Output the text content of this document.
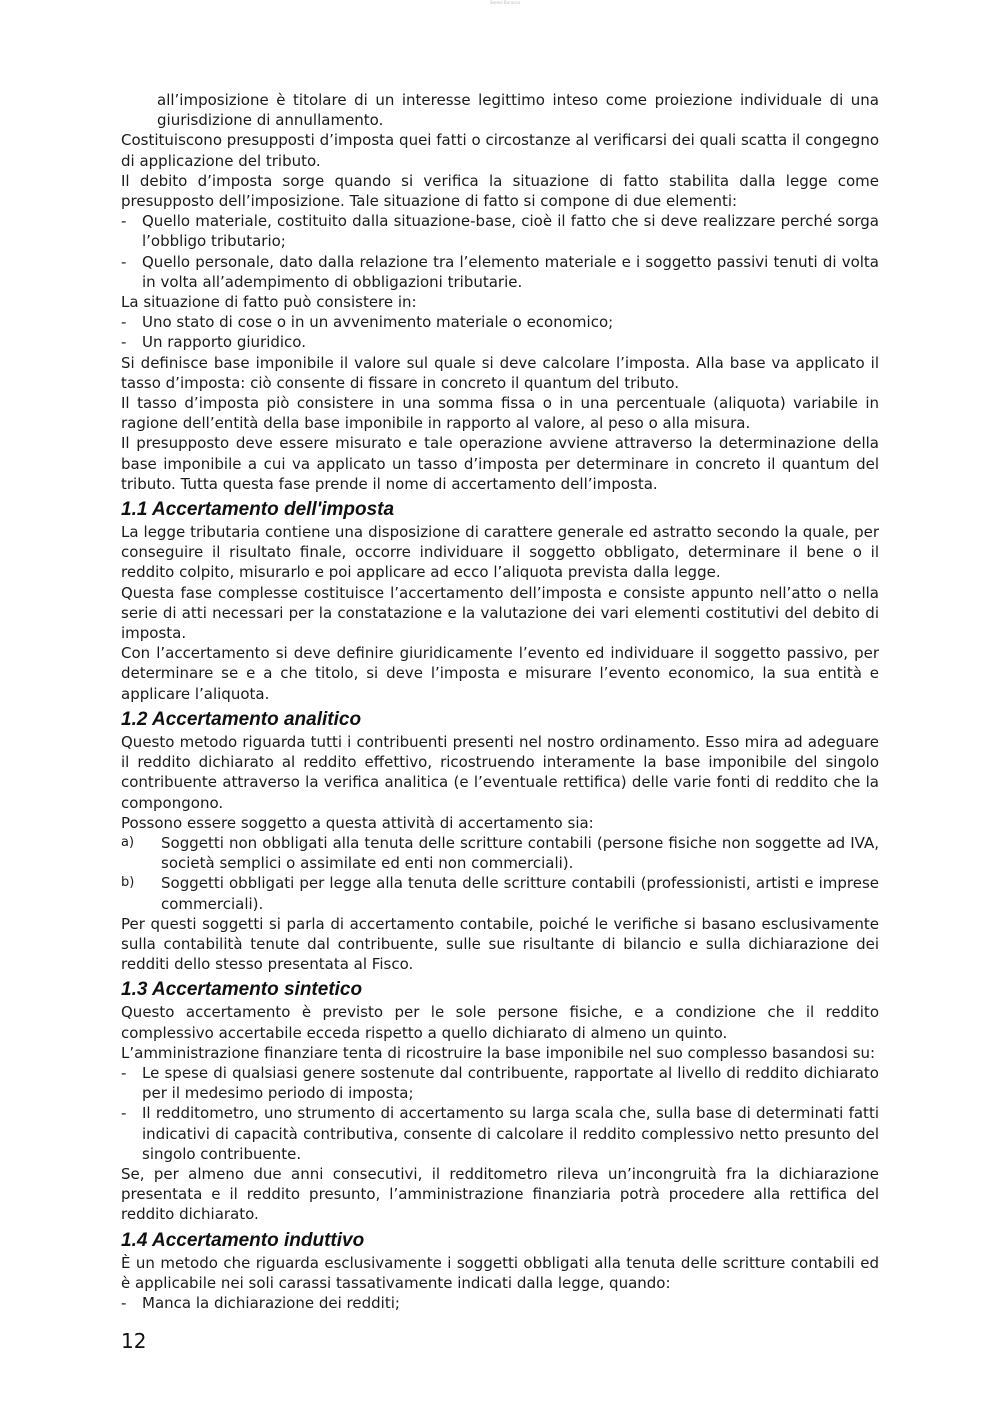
Sereni Baracco

all’imposizione è titolare di un interesse legittimo inteso come proiezione individuale di una giurisdizione di annullamento.

Costituiscono presupposti d’imposta quei fatti o circostanze al verificarsi dei quali scatta il congegno di applicazione del tributo.

Il debito d’imposta sorge quando si verifica la situazione di fatto stabilita dalla legge come presupposto dell’imposizione. Tale situazione di fatto si compone di due elementi:

- Quello materiale, costituito dalla situazione-base, cioè il fatto che si deve realizzare perché sorga l’obbligo tributario;
- Quello personale, dato dalla relazione tra l’elemento materiale e i soggetto passivi tenuti di volta in volta all’adempimento di obbligazioni tributarie.

La situazione di fatto può consistere in:

- Uno stato di cose o in un avvenimento materiale o economico;
- Un rapporto giuridico.

Si definisce base imponibile il valore sul quale si deve calcolare l’imposta. Alla base va applicato il tasso d’imposta: ciò consente di fissare in concreto il quantum del tributo.

Il tasso d’imposta piò consistere in una somma fissa o in una percentuale (aliquota) variabile in ragione dell’entità della base imponibile in rapporto al valore, al peso o alla misura.

Il presupposto deve essere misurato e tale operazione avviene attraverso la determinazione della base imponibile a cui va applicato un tasso d’imposta per determinare in concreto il quantum del tributo. Tutta questa fase prende il nome di accertamento dell’imposta.

1.1 Accertamento dell'imposta

La legge tributaria contiene una disposizione di carattere generale ed astratto secondo la quale, per conseguire il risultato finale, occorre individuare il soggetto obbligato, determinare il bene o il reddito colpito, misurarlo e poi applicare ad ecco l’aliquota prevista dalla legge.

Questa fase complesse costituisce l’accertamento dell’imposta e consiste appunto nell’atto o nella serie di atti necessari per la constatazione e la valutazione dei vari elementi costitutivi del debito di imposta.

Con l’accertamento si deve definire giuridicamente l’evento ed individuare il soggetto passivo, per determinare se e a che titolo, si deve l’imposta e misurare l’evento economico, la sua entità e applicare l’aliquota.

1.2 Accertamento analitico

Questo metodo riguarda tutti i contribuenti presenti nel nostro ordinamento. Esso mira ad adeguare il reddito dichiarato al reddito effettivo, ricostruendo interamente la base imponibile del singolo contribuente attraverso la verifica analitica (e l’eventuale rettifica) delle varie fonti di reddito che la compongono.

Possono essere soggetto a questa attività di accertamento sia:

a) Soggetti non obbligati alla tenuta delle scritture contabili (persone fisiche non soggette ad IVA, società semplici o assimilate ed enti non commerciali).
b) Soggetti obbligati per legge alla tenuta delle scritture contabili (professionisti, artisti e imprese commerciali).

Per questi soggetti si parla di accertamento contabile, poiché le verifiche si basano esclusivamente sulla contabilità tenute dal contribuente, sulle sue risultante di bilancio e sulla dichiarazione dei redditi dello stesso presentata al Fisco.

1.3 Accertamento sintetico

Questo accertamento è previsto per le sole persone fisiche, e a condizione che il reddito complessivo accertabile ecceda rispetto a quello dichiarato di almeno un quinto.

L’amministrazione finanziare tenta di ricostruire la base imponibile nel suo complesso basandosi su:

- Le spese di qualsiasi genere sostenute dal contribuente, rapportate al livello di reddito dichiarato per il medesimo periodo di imposta;
- Il redditometro, uno strumento di accertamento su larga scala che, sulla base di determinati fatti indicativi di capacità contributiva, consente di calcolare il reddito complessivo netto presunto del singolo contribuente.

Se, per almeno due anni consecutivi, il redditometro rileva un’incongruità fra la dichiarazione presentata e il reddito presunto, l’amministrazione finanziaria potrà procedere alla rettifica del reddito dichiarato.

1.4 Accertamento induttivo

È un metodo che riguarda esclusivamente i soggetti obbligati alla tenuta delle scritture contabili ed è applicabile nei soli carassi tassativamente indicati dalla legge, quando:

- Manca la dichiarazione dei redditi;
12
